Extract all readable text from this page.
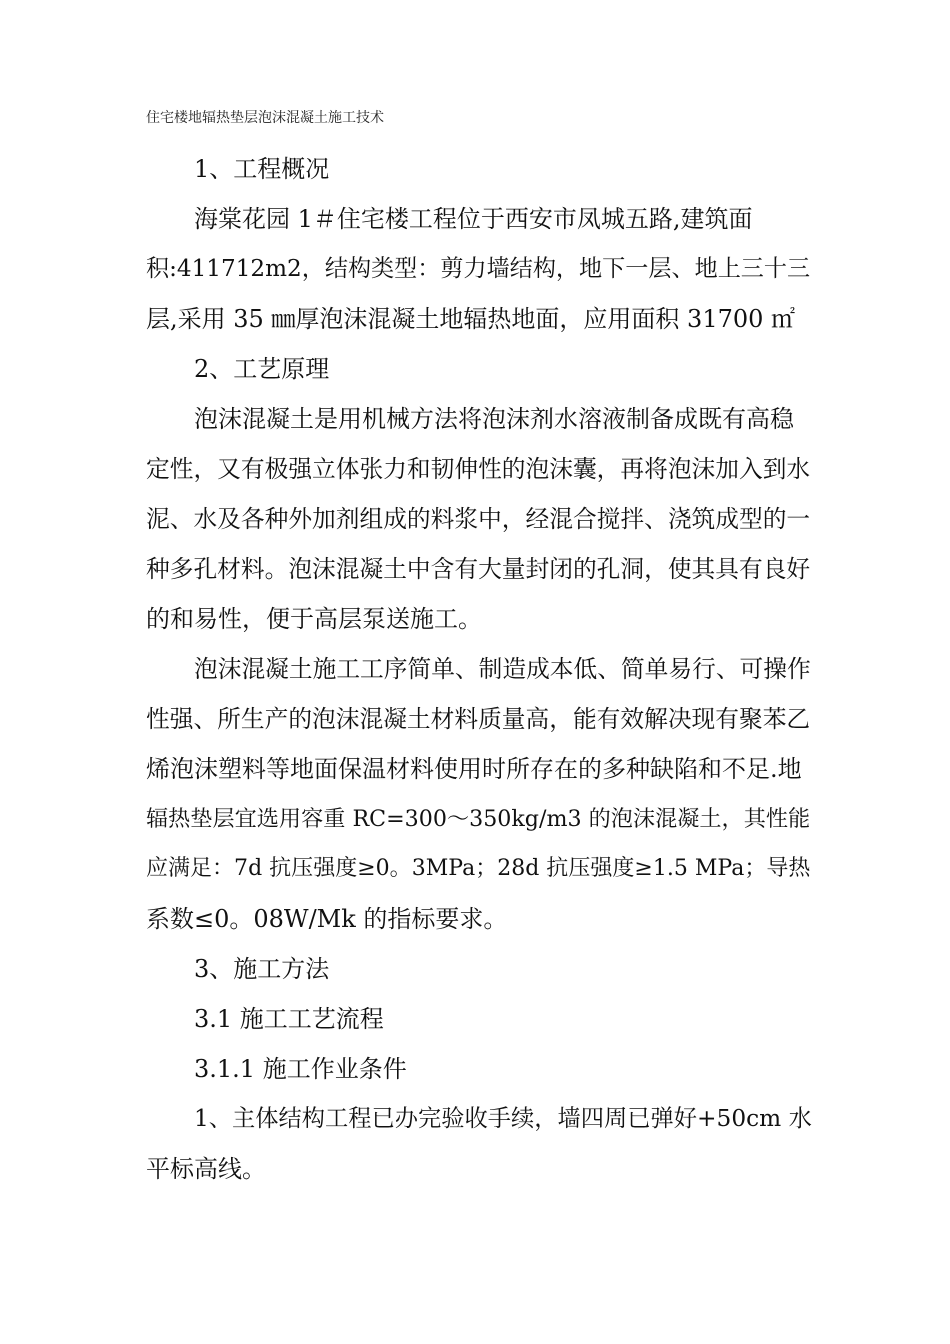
住宅楼地辐热垫层泡沫混凝土施工技术

1、工程概况

海棠花园 1＃住宅楼工程位于西安市凤城五路,建筑面

积:411712m2，结构类型：剪力墙结构，地下一层、地上三十三

层,采用 35 ㎜厚泡沫混凝土地辐热地面，应用面积 31700 ㎡

2、工艺原理

泡沫混凝土是用机械方法将泡沫剂水溶液制备成既有高稳

定性，又有极强立体张力和韧伸性的泡沫囊，再将泡沫加入到水

泥、水及各种外加剂组成的料浆中，经混合搅拌、浇筑成型的一

种多孔材料。泡沫混凝土中含有大量封闭的孔洞，使其具有良好

的和易性，便于高层泵送施工。

泡沫混凝土施工工序简单、制造成本低、简单易行、可操作

性强、所生产的泡沫混凝土材料质量高，能有效解决现有聚苯乙

烯泡沫塑料等地面保温材料使用时所存在的多种缺陷和不足.地

辐热垫层宜选用容重 RC=300～350kg/m3 的泡沫混凝土，其性能

应满足：7d 抗压强度≥0。3MPa；28d 抗压强度≥1.5 MPa；导热

系数≤0。08W/Mk 的指标要求。

3、施工方法

3.1 施工工艺流程

3.1.1 施工作业条件

1、主体结构工程已办完验收手续，墙四周已弹好+50cm 水

平标高线。
